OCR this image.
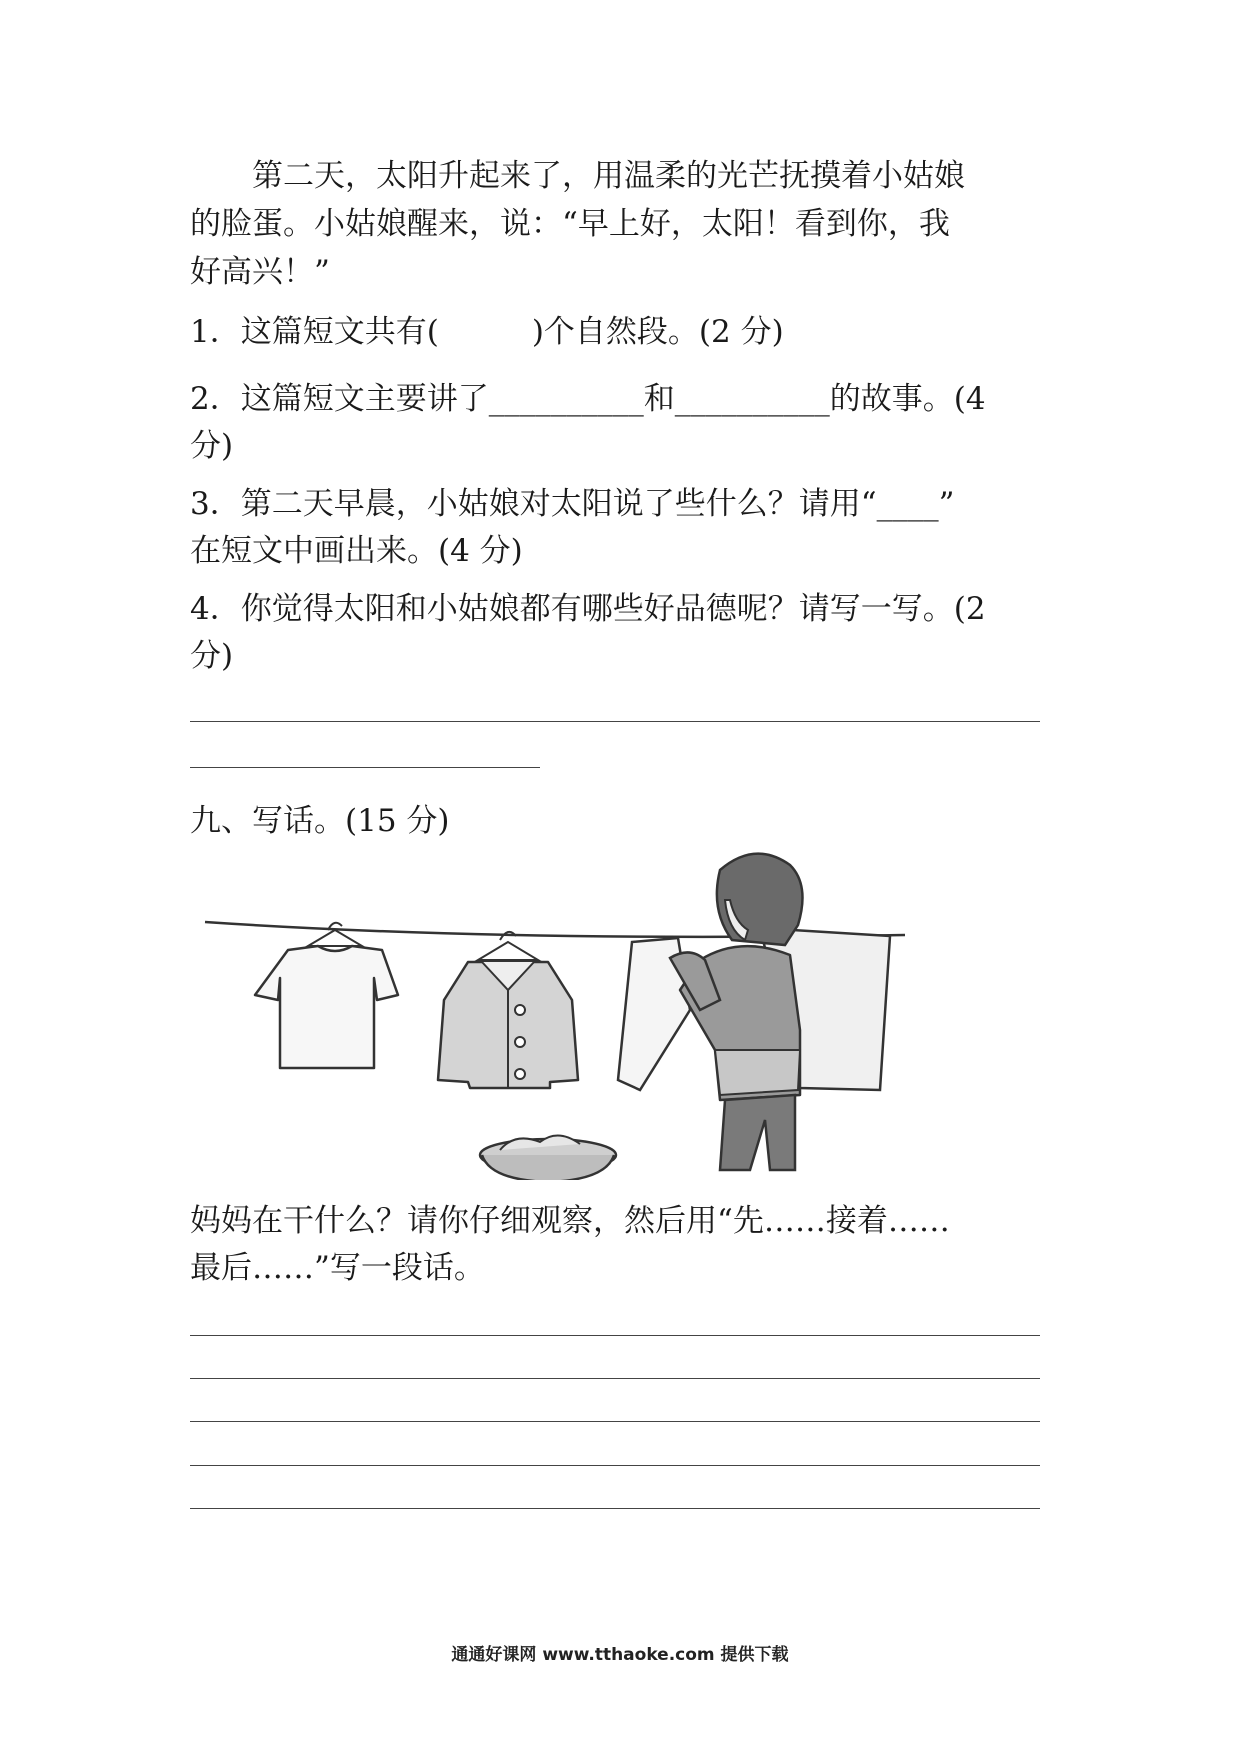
　　第二天，太阳升起来了，用温柔的光芒抚摸着小姑娘
的脸蛋。小姑娘醒来，说：“早上好，太阳！看到你，我
好高兴！”
1．这篇短文共有(　　　)个自然段。(2 分)
2．这篇短文主要讲了__________和__________的故事。(4
分)
3．第二天早晨，小姑娘对太阳说了些什么？请用“____”
在短文中画出来。(4 分)
4．你觉得太阳和小姑娘都有哪些好品德呢？请写一写。(2
分)
九、写话。(15 分)
妈妈在干什么？请你仔细观察，然后用“先……接着……
最后……”写一段话。
通通好课网 www.tthaoke.com 提供下载
